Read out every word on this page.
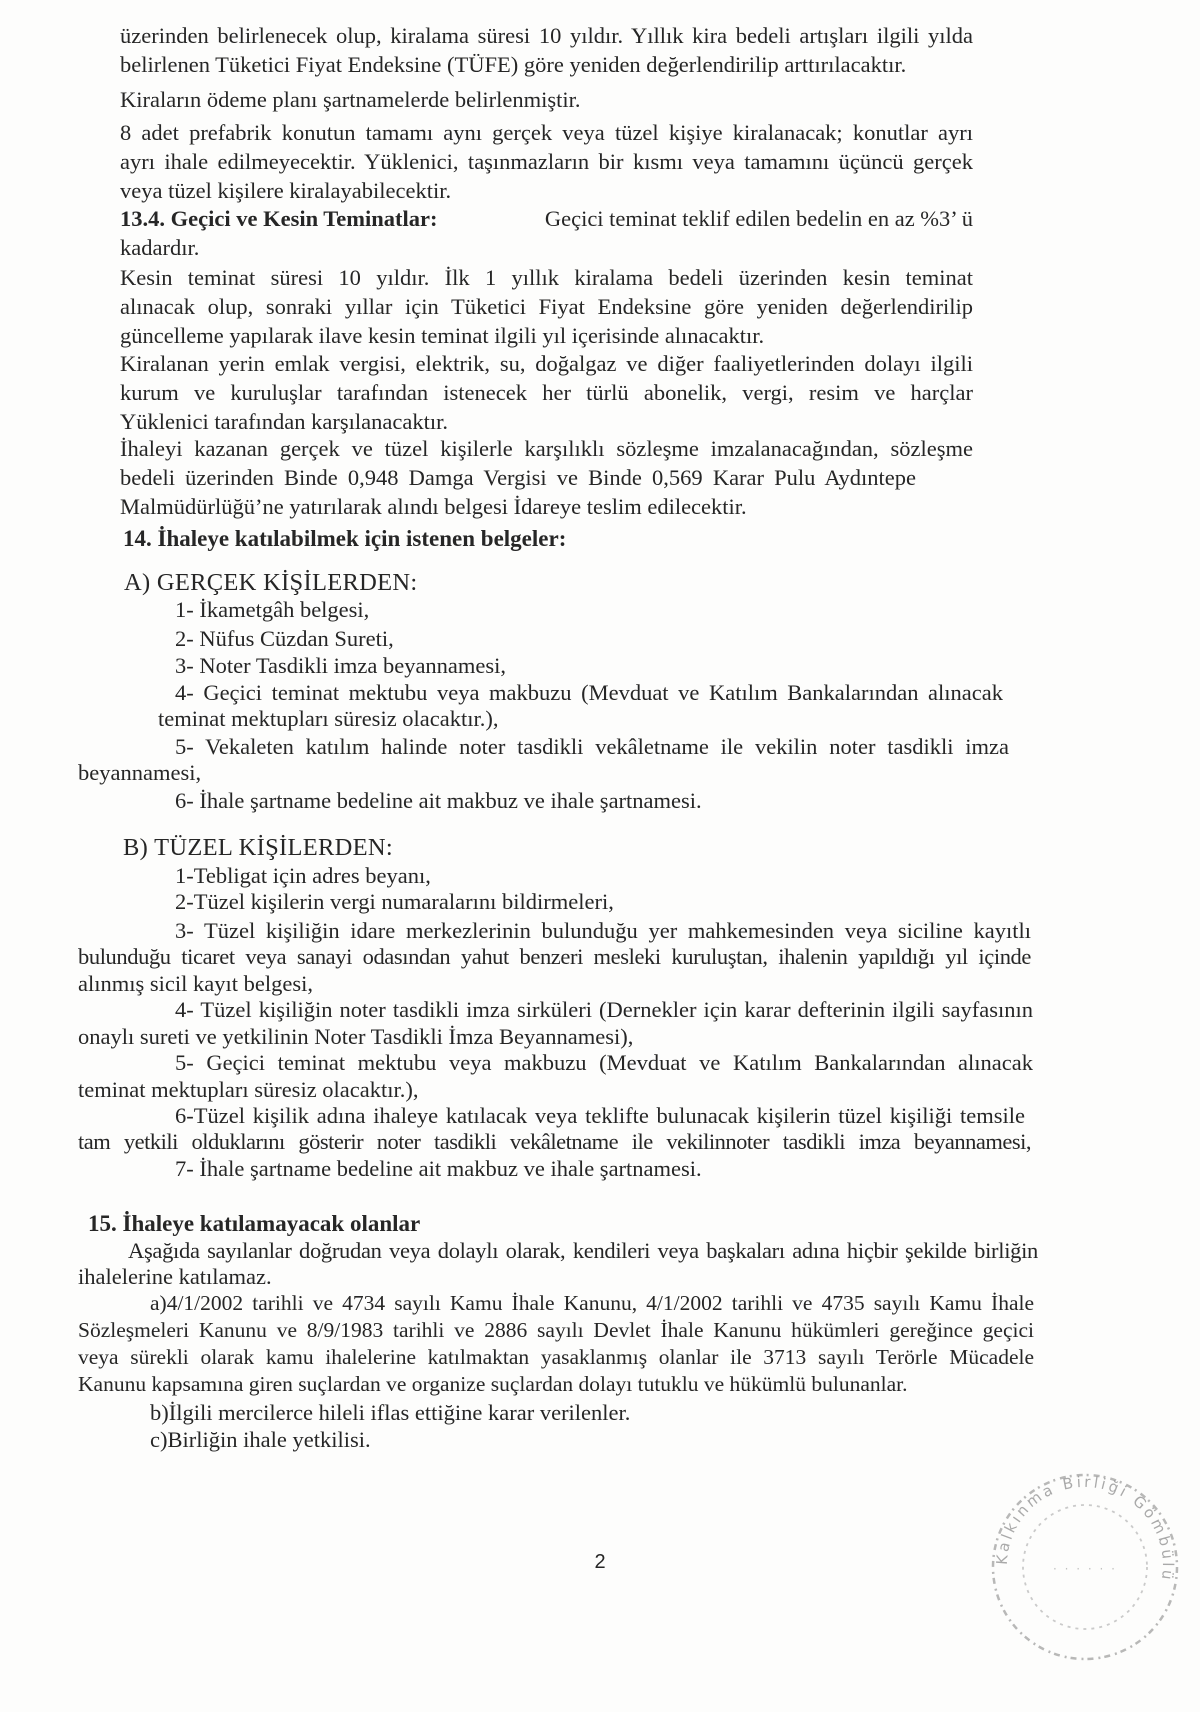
üzerinden belirlenecek olup, kiralama süresi 10 yıldır. Yıllık kira bedeli artışları ilgili yılda

belirlenen Tüketici Fiyat Endeksine (TÜFE) göre yeniden değerlendirilip arttırılacaktır.

Kiraların ödeme planı şartnamelerde belirlenmiştir.

8 adet prefabrik konutun tamamı aynı gerçek veya tüzel kişiye kiralanacak; konutlar ayrı

ayrı ihale edilmeyecektir. Yüklenici, taşınmazların bir kısmı veya tamamını üçüncü gerçek

veya tüzel kişilere kiralayabilecektir.

13.4. Geçici ve Kesin Teminatlar:	Geçici teminat teklif edilen bedelin en az %3’ ü

kadardır.

Kesin teminat süresi 10 yıldır. İlk 1 yıllık kiralama bedeli üzerinden kesin teminat

alınacak olup, sonraki yıllar için Tüketici Fiyat Endeksine göre yeniden değerlendirilip

güncelleme yapılarak ilave kesin teminat ilgili yıl içerisinde alınacaktır.

Kiralanan yerin emlak vergisi, elektrik, su, doğalgaz ve diğer faaliyetlerinden dolayı ilgili

kurum ve kuruluşlar tarafından istenecek her türlü abonelik, vergi, resim ve harçlar

Yüklenici tarafından karşılanacaktır.

İhaleyi kazanan gerçek ve tüzel kişilerle karşılıklı sözleşme imzalanacağından, sözleşme

bedeli üzerinden Binde 0,948 Damga Vergisi ve Binde 0,569 Karar Pulu Aydıntepe

Malmüdürlüğü’ne yatırılarak alındı belgesi İdareye teslim edilecektir.

14. İhaleye katılabilmek için istenen belgeler:
A) GERÇEK KİŞİLERDEN:
1- İkametgâh belgesi,
2- Nüfus Cüzdan Sureti,
3- Noter Tasdikli imza beyannamesi,
4- Geçici teminat mektubu veya makbuzu (Mevduat ve Katılım Bankalarından alınacak
teminat mektupları süresiz olacaktır.),
5- Vekaleten katılım halinde noter tasdikli vekâletname ile vekilin noter tasdikli imza
beyannamesi,
6- İhale şartname bedeline ait makbuz ve ihale şartnamesi.
B) TÜZEL KİŞİLERDEN:
1-Tebligat için adres beyanı,
2-Tüzel kişilerin vergi numaralarını bildirmeleri,
3- Tüzel kişiliğin idare merkezlerinin bulunduğu yer mahkemesinden veya siciline kayıtlı
bulunduğu ticaret veya sanayi odasından yahut benzeri mesleki kuruluştan, ihalenin yapıldığı yıl içinde
alınmış sicil kayıt belgesi,
4- Tüzel kişiliğin noter tasdikli imza sirküleri (Dernekler için karar defterinin ilgili sayfasının
onaylı sureti ve yetkilinin Noter Tasdikli İmza Beyannamesi),
5- Geçici teminat mektubu veya makbuzu (Mevduat ve Katılım Bankalarından alınacak
teminat mektupları süresiz olacaktır.),
6-Tüzel kişilik adına ihaleye katılacak veya teklifte bulunacak kişilerin tüzel kişiliği temsile
tam yetkili olduklarını gösterir noter tasdikli vekâletname ile vekilinnoter tasdikli imza beyannamesi,
7- İhale şartname bedeline ait makbuz ve ihale şartnamesi.
15. İhaleye katılamayacak olanlar
Aşağıda sayılanlar doğrudan veya dolaylı olarak, kendileri veya başkaları adına hiçbir şekilde birliğin
ihalelerine katılamaz.

a)4/1/2002 tarihli ve 4734 sayılı Kamu İhale Kanunu, 4/1/2002 tarihli ve 4735 sayılı Kamu İhale

Sözleşmeleri Kanunu ve 8/9/1983 tarihli ve 2886 sayılı Devlet İhale Kanunu hükümleri gereğince geçici

veya sürekli olarak kamu ihalelerine katılmaktan yasaklanmış olanlar ile 3713 sayılı Terörle Mücadele

Kanunu kapsamına giren suçlardan ve organize suçlardan dolayı tutuklu ve hükümlü bulunanlar.

b)İlgili mercilerce hileli iflas ettiğine karar verilenler.
c)Birliğin ihale yetkilisi.
2	Kalkınma Birliği Gömbülü
· · · · · ·
